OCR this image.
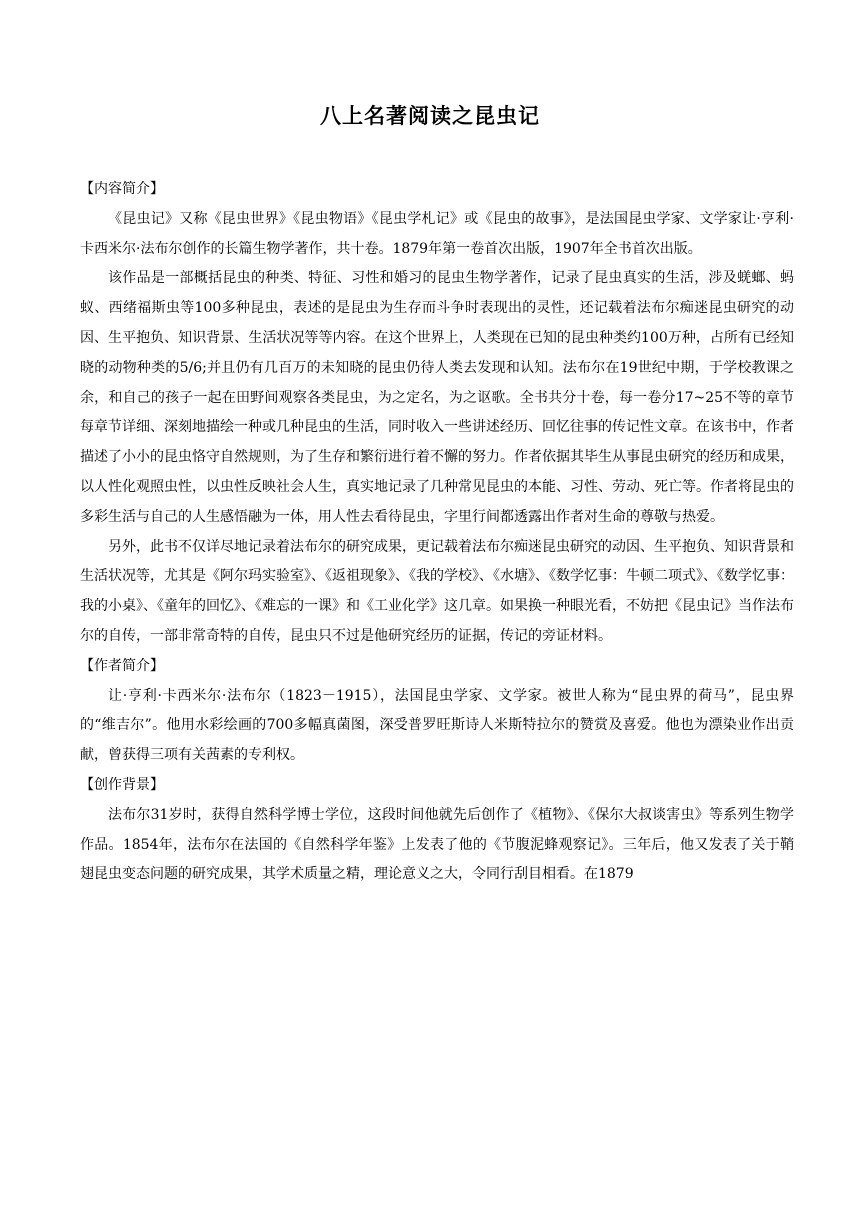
八上名著阅读之昆虫记

【内容简介】

《昆虫记》又称《昆虫世界》《昆虫物语》《昆虫学札记》或《昆虫的故事》，是法国昆虫学家、文学家让·亨利·卡西米尔·法布尔创作的长篇生物学著作，共十卷。1879年第一卷首次出版，1907年全书首次出版。

该作品是一部概括昆虫的种类、特征、习性和婚习的昆虫生物学著作，记录了昆虫真实的生活，涉及蜣螂、蚂蚁、西绪福斯虫等100多种昆虫，表述的是昆虫为生存而斗争时表现出的灵性，还记载着法布尔痴迷昆虫研究的动因、生平抱负、知识背景、生活状况等等内容。在这个世界上，人类现在已知的昆虫种类约100万种，占所有已经知晓的动物种类的5/6;并且仍有几百万的未知晓的昆虫仍待人类去发现和认知。法布尔在19世纪中期，于学校教课之余，和自己的孩子一起在田野间观察各类昆虫，为之定名，为之讴歌。全书共分十卷，每一卷分17~25不等的章节每章节详细、深刻地描绘一种或几种昆虫的生活，同时收入一些讲述经历、回忆往事的传记性文章。在该书中，作者描述了小小的昆虫恪守自然规则，为了生存和繁衍进行着不懈的努力。作者依据其毕生从事昆虫研究的经历和成果，以人性化观照虫性，以虫性反映社会人生，真实地记录了几种常见昆虫的本能、习性、劳动、死亡等。作者将昆虫的多彩生活与自己的人生感悟融为一体，用人性去看待昆虫，字里行间都透露出作者对生命的尊敬与热爱。

另外，此书不仅详尽地记录着法布尔的研究成果，更记载着法布尔痴迷昆虫研究的动因、生平抱负、知识背景和生活状况等，尤其是《阿尔玛实验室》、《返祖现象》、《我的学校》、《水塘》、《数学忆事：牛顿二项式》、《数学忆事：我的小桌》、《童年的回忆》、《难忘的一课》和《工业化学》这几章。如果换一种眼光看，不妨把《昆虫记》当作法布尔的自传，一部非常奇特的自传，昆虫只不过是他研究经历的证据，传记的旁证材料。

【作者简介】

让·亨利·卡西米尔·法布尔（1823－1915），法国昆虫学家、文学家。被世人称为“昆虫界的荷马”，昆虫界的“维吉尔”。他用水彩绘画的700多幅真菌图，深受普罗旺斯诗人米斯特拉尔的赞赏及喜爱。他也为漂染业作出贡献，曾获得三项有关茜素的专利权。

【创作背景】

法布尔31岁时，获得自然科学博士学位，这段时间他就先后创作了《植物》、《保尔大叔谈害虫》等系列生物学作品。1854年，法布尔在法国的《自然科学年鉴》上发表了他的《节腹泥蜂观察记》。三年后，他又发表了关于鞘翅昆虫变态问题的研究成果，其学术质量之精，理论意义之大，令同行刮目相看。在1879
